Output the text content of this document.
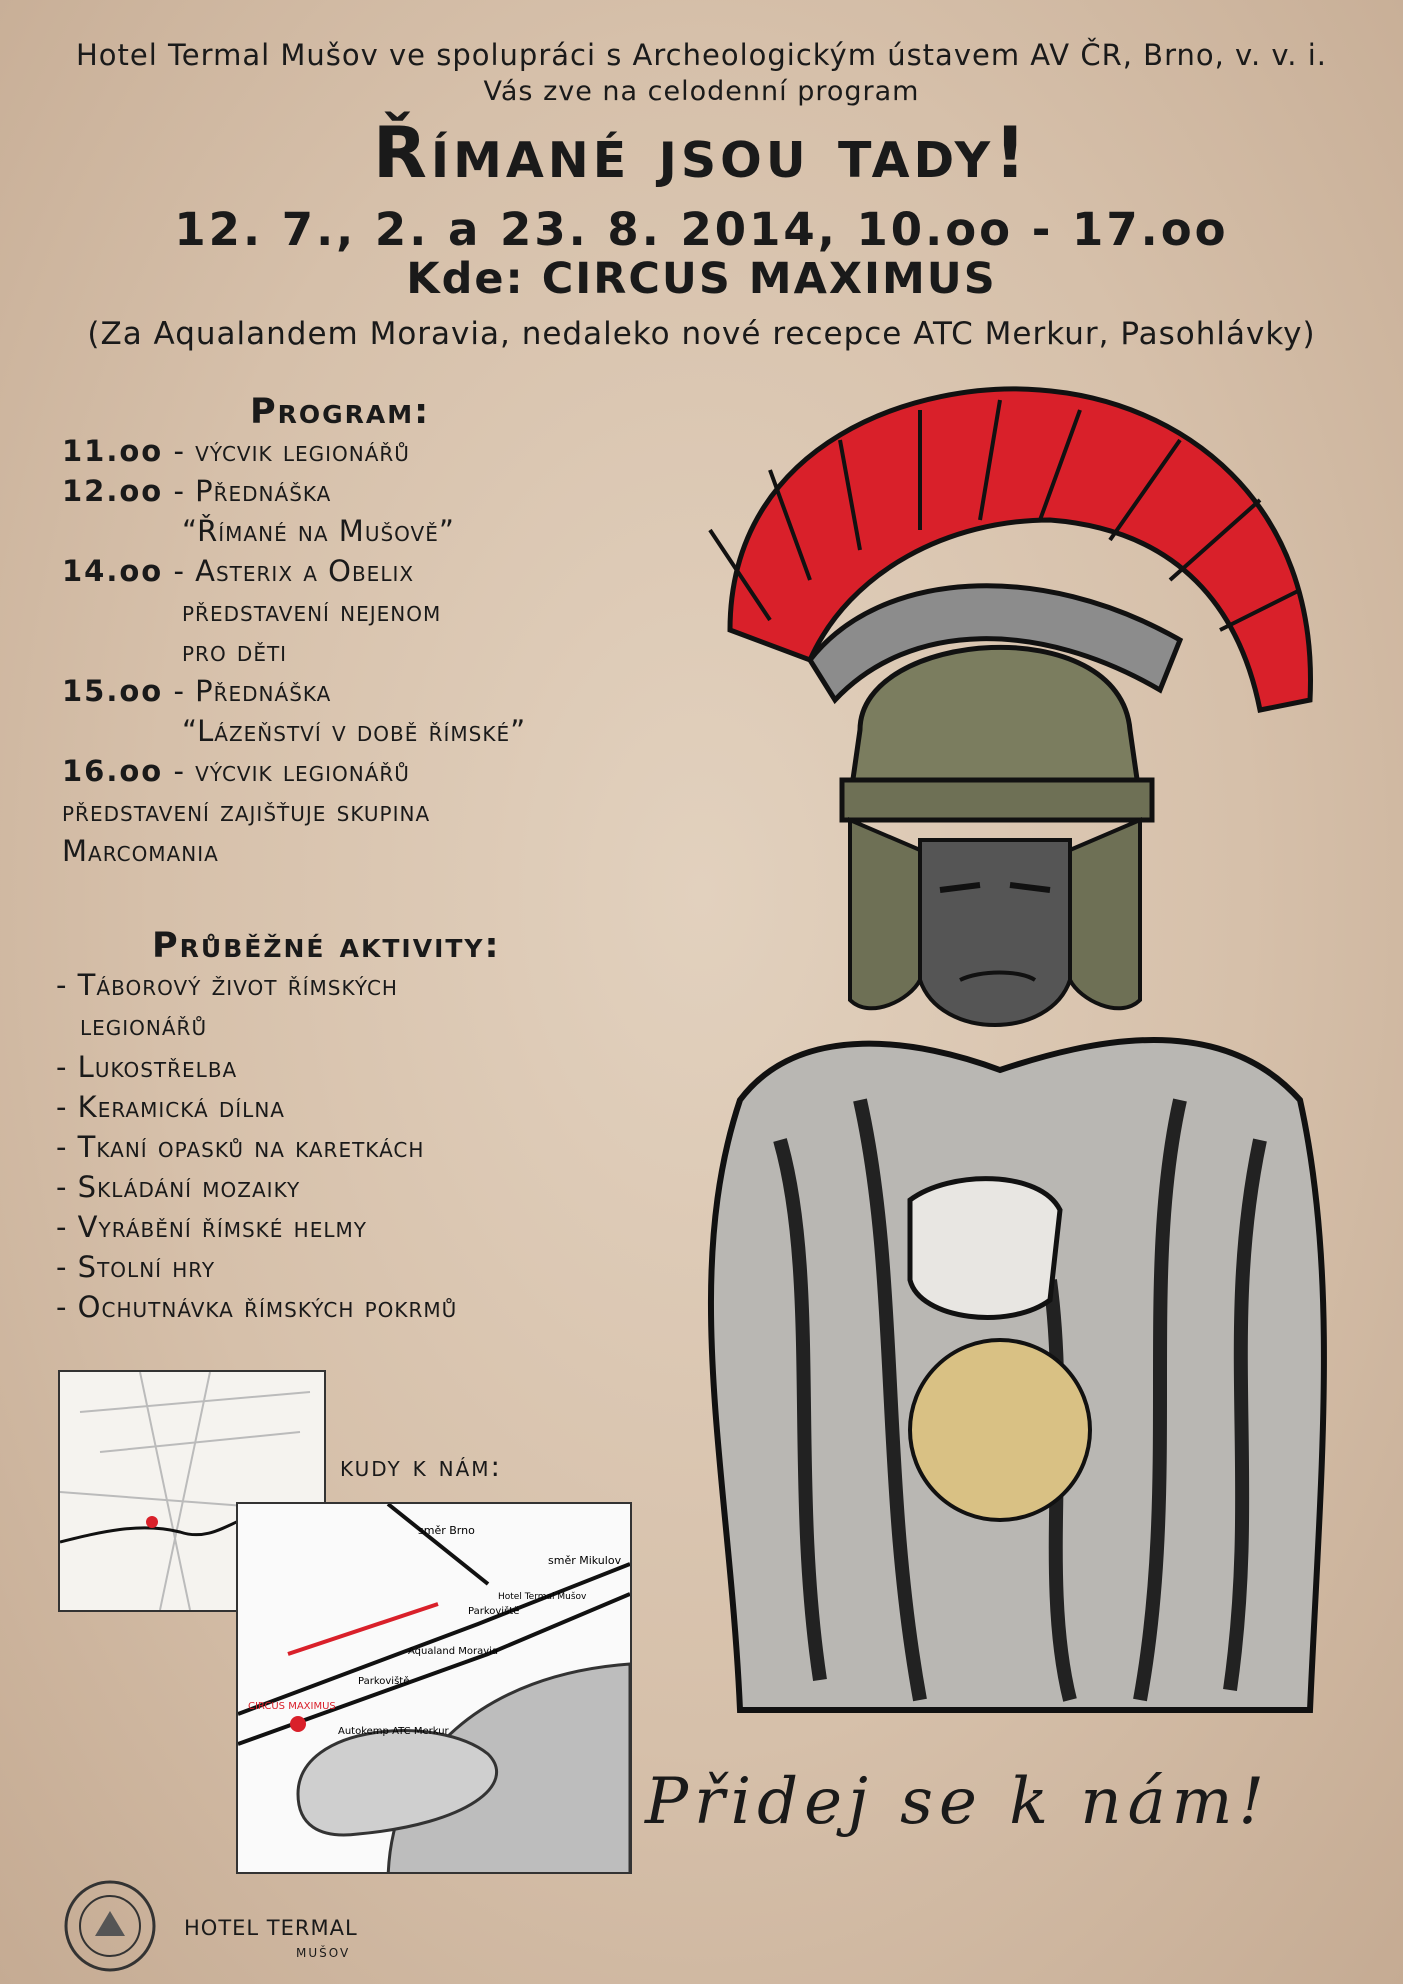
Hotel Termal Mušov ve spolupráci s Archeologickým ústavem AV ČR, Brno, v. v. i.
Vás zve na celodenní program
Římané jsou tady!
12. 7., 2. a 23. 8. 2014, 10.oo - 17.oo
Kde: CIRCUS MAXIMUS
(Za Aqualandem Moravia, nedaleko nové recepce ATC Merkur, Pasohlávky)
Program:
11.oo - výcvik legionářů
12.oo - Přednáška
“Římané na Mušově”
14.oo - Asterix a Obelix
představení nejenom
pro děti
15.oo - Přednáška
“Lázeňství v době římské”
16.oo - výcvik legionářů
představení zajišťuje skupina
Marcomania
Průběžné aktivity:
- Táborový život římských
legionářů
- Lukostřelba
- Keramická dílna
- Tkaní opasků na karetkách
- Skládání mozaiky
- Vyrábění římské helmy
- Stolní hry
- Ochutnávka římských pokrmů
kudy k nám:
směr Brno
směr Mikulov
Parkoviště
Parkoviště
Aqualand Moravia
Hotel Termal Mušov
CIRCUS MAXIMUS
Autokemp ATC Merkur
Přidej se k nám!
HOTEL TERMAL
MUŠOV
